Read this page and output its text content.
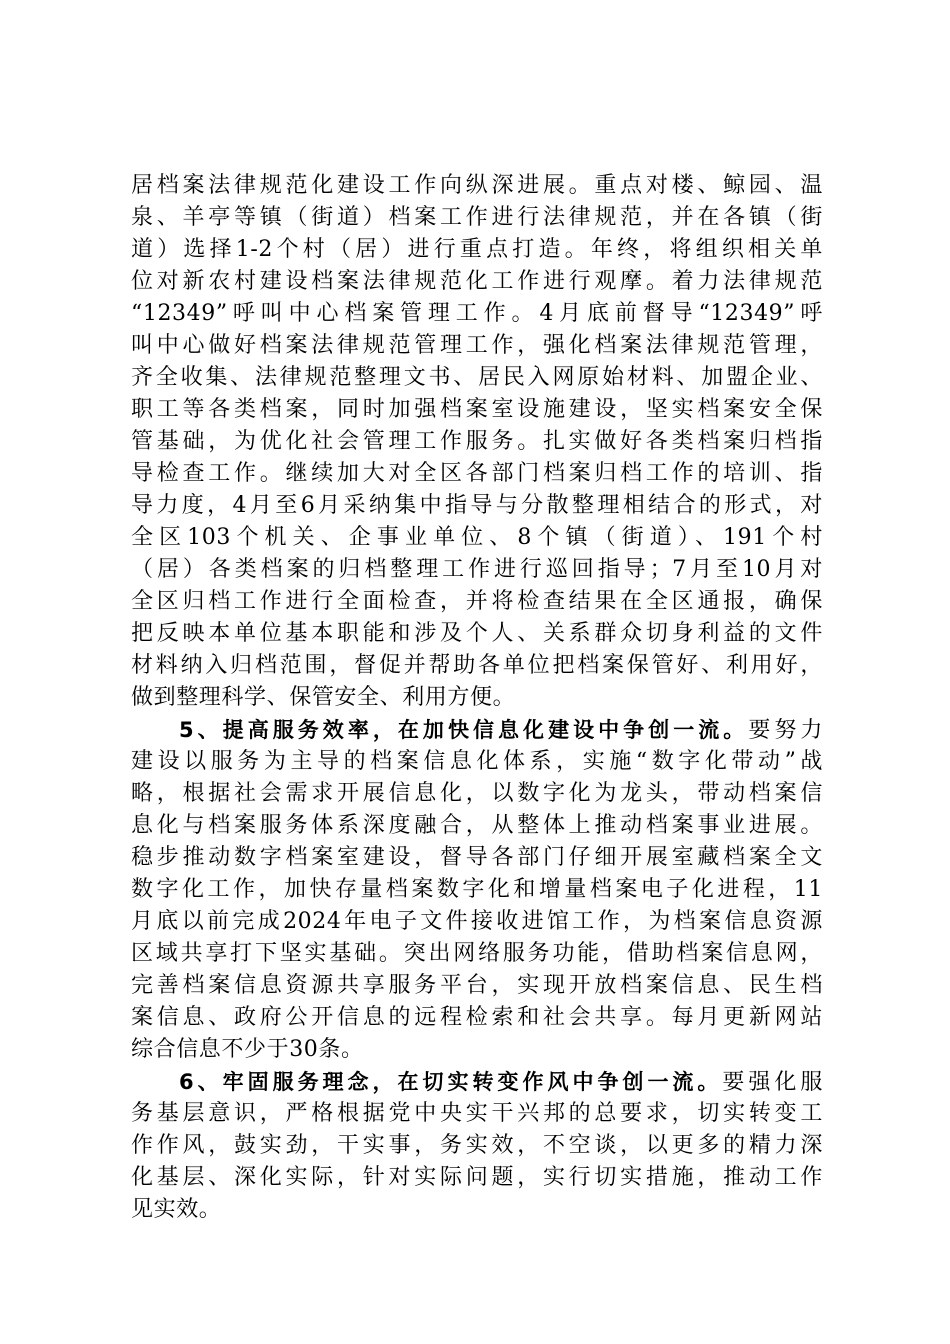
居档案法律规范化建设工作向纵深进展。重点对楼、鲸园、温
泉、羊亭等镇（街道）档案工作进行法律规范，并在各镇（街
道）选择1-2个村（居）进行重点打造。年终，将组织相关单
位对新农村建设档案法律规范化工作进行观摩。着力法律规范
“12349”呼叫中心档案管理工作。4月底前督导“12349”呼
叫中心做好档案法律规范管理工作，强化档案法律规范管理，
齐全收集、法律规范整理文书、居民入网原始材料、加盟企业、
职工等各类档案，同时加强档案室设施建设，坚实档案安全保
管基础，为优化社会管理工作服务。扎实做好各类档案归档指
导检查工作。继续加大对全区各部门档案归档工作的培训、指
导力度，4月至6月采纳集中指导与分散整理相结合的形式，对
全区103个机关、企事业单位、8个镇（街道）、191个村
（居）各类档案的归档整理工作进行巡回指导；7月至10月对
全区归档工作进行全面检查，并将检查结果在全区通报，确保
把反映本单位基本职能和涉及个人、关系群众切身利益的文件
材料纳入归档范围，督促并帮助各单位把档案保管好、利用好，
做到整理科学、保管安全、利用方便。
5、提高服务效率，在加快信息化建设中争创一流。要努力
建设以服务为主导的档案信息化体系，实施“数字化带动”战
略，根据社会需求开展信息化，以数字化为龙头，带动档案信
息化与档案服务体系深度融合，从整体上推动档案事业进展。
稳步推动数字档案室建设，督导各部门仔细开展室藏档案全文
数字化工作，加快存量档案数字化和增量档案电子化进程，11
月底以前完成2024年电子文件接收进馆工作，为档案信息资源
区域共享打下坚实基础。突出网络服务功能，借助档案信息网，
完善档案信息资源共享服务平台，实现开放档案信息、民生档
案信息、政府公开信息的远程检索和社会共享。每月更新网站
综合信息不少于30条。
6、牢固服务理念，在切实转变作风中争创一流。要强化服
务基层意识，严格根据党中央实干兴邦的总要求，切实转变工
作作风，鼓实劲，干实事，务实效，不空谈，以更多的精力深
化基层、深化实际，针对实际问题，实行切实措施，推动工作
见实效。
